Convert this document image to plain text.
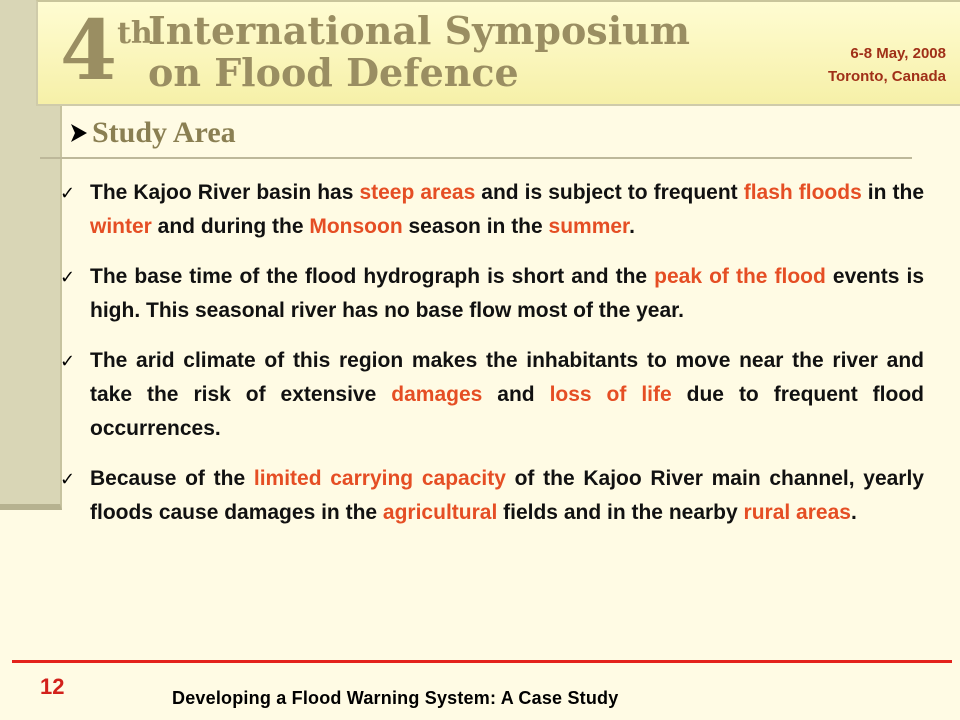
4 th
International Symposium
on Flood Defence	6-8 May, 2008
Toronto, Canada
Study Area
✓ The Kajoo River basin has steep areas and is subject to frequent flash floods in the winter and during the Monsoon season in the summer.
✓ The base time of the flood hydrograph is short and the peak of the flood events is high. This seasonal river has no base flow most of the year.
✓ The arid climate of this region makes the inhabitants to move near the river and take the risk of extensive damages and loss of life due to frequent flood occurrences.
✓ Because of the limited carrying capacity of the Kajoo River main channel, yearly floods cause damages in the agricultural fields and in the nearby rural areas.
12	Developing a Flood Warning System: A Case Study
